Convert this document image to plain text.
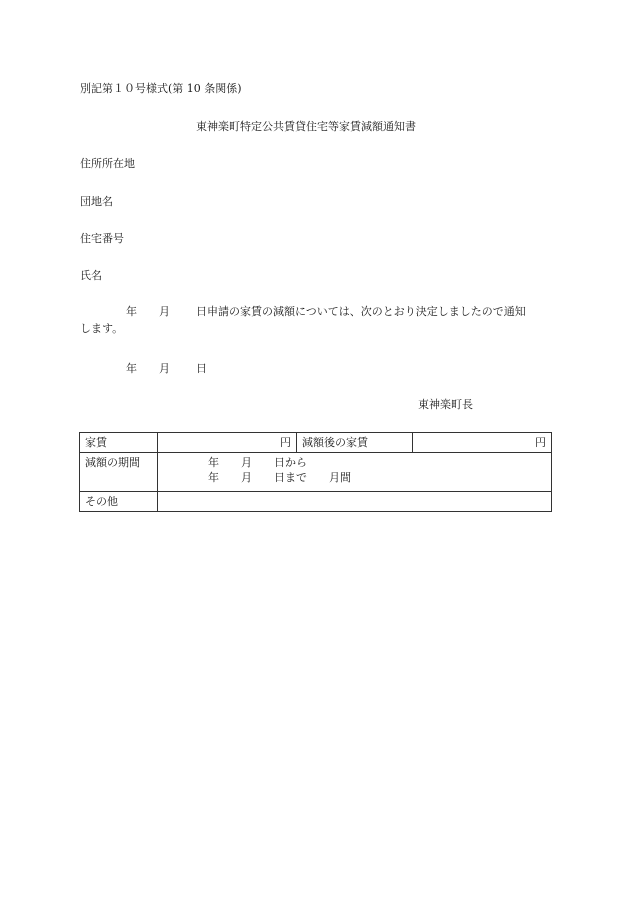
別記第１０号様式(第 10 条関係)
東神楽町特定公共賃貸住宅等家賃減額通知書
住所所在地
団地名
住宅番号
氏名
年 月 日申請の家賃の減額については、次のとおり決定しましたので通知
します。
年 月 日
東神楽町長
家賃	円	減額後の家賃	円
減額の期間	年 月 日から
年 月 日まで 月間		

その他			
